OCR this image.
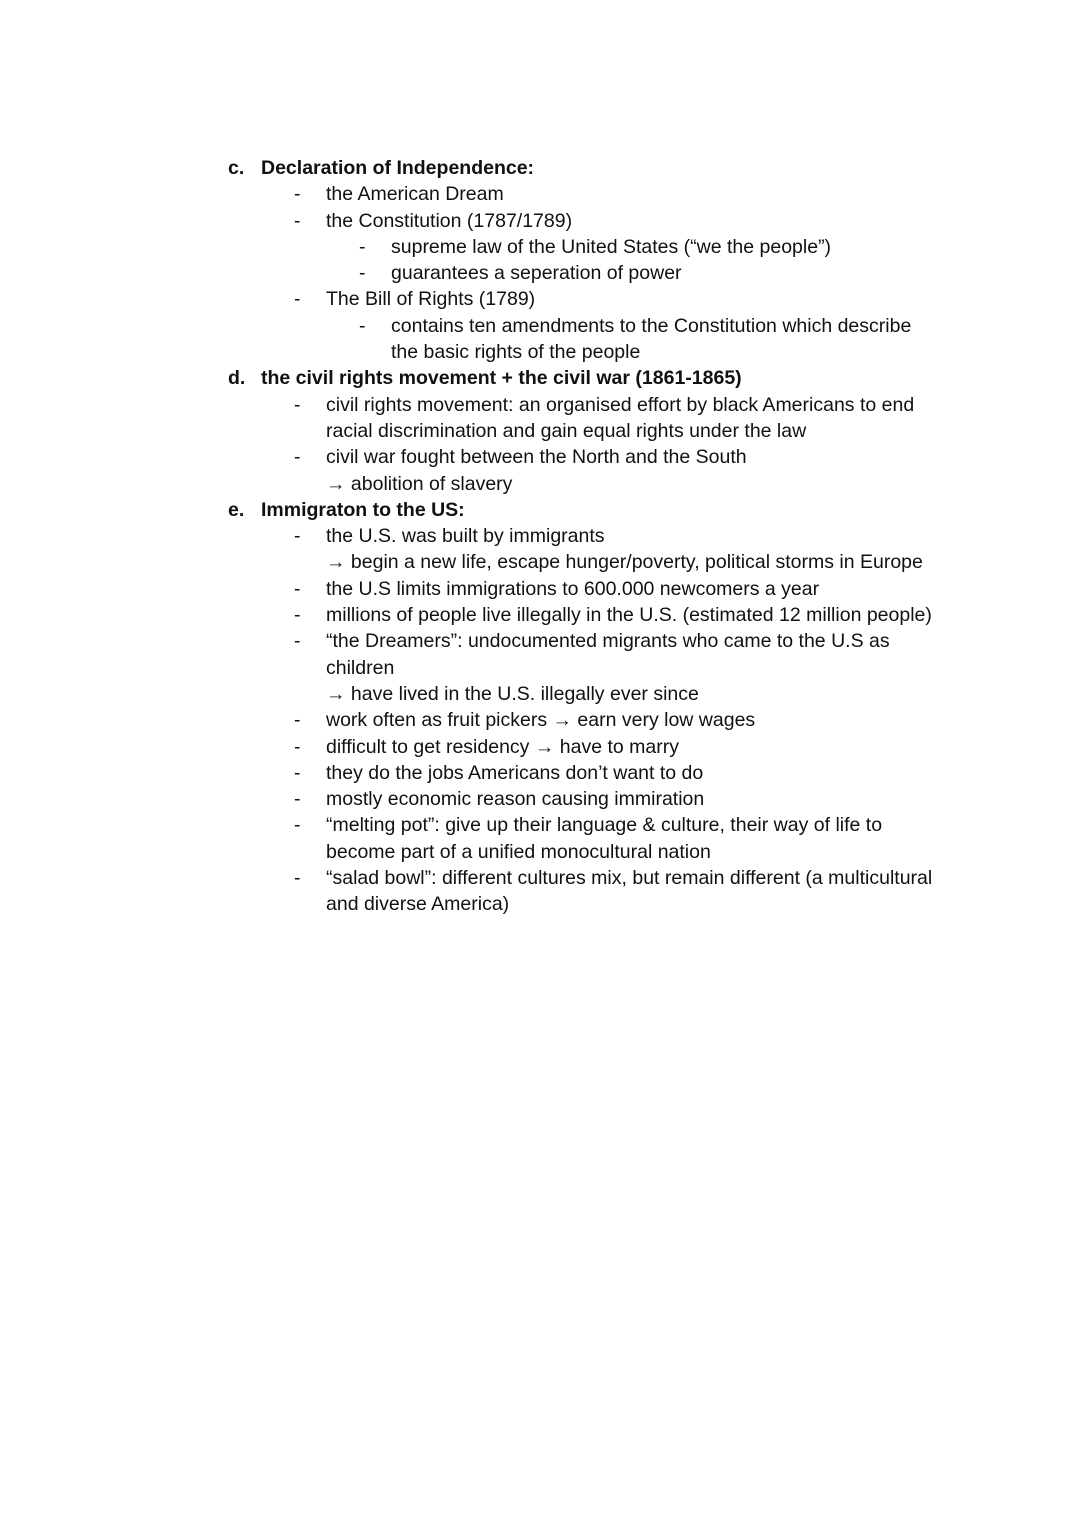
c. Declaration of Independence:
- the American Dream
- the Constitution (1787/1789)
- supreme law of the United States (“we the people”)
- guarantees a seperation of power
- The Bill of Rights (1789)
- contains ten amendments to the Constitution which describe
the basic rights of the people
d. the civil rights movement + the civil war (1861-1865)
- civil rights movement: an organised effort by black Americans to end
racial discrimination and gain equal rights under the law
- civil war fought between the North and the South
→ abolition of slavery
e. Immigraton to the US:
- the U.S. was built by immigrants
→ begin a new life, escape hunger/poverty, political storms in Europe
- the U.S limits immigrations to 600.000 newcomers a year
- millions of people live illegally in the U.S. (estimated 12 million people)
- “the Dreamers”: undocumented migrants who came to the U.S as
children
→ have lived in the U.S. illegally ever since
- work often as fruit pickers → earn very low wages
- difficult to get residency → have to marry
- they do the jobs Americans don’t want to do
- mostly economic reason causing immiration
- “melting pot”: give up their language & culture, their way of life to
become part of a unified monocultural nation
- “salad bowl”: different cultures mix, but remain different (a multicultural
and diverse America)
